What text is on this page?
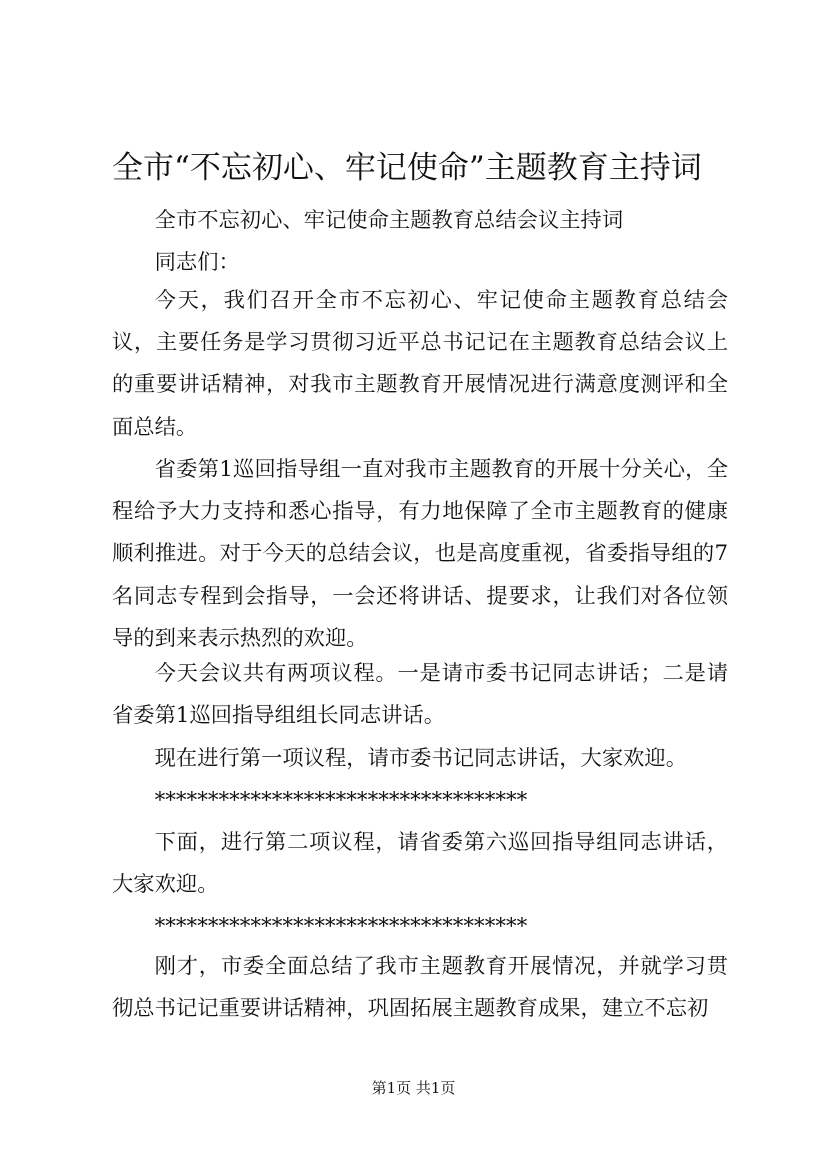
全市“不忘初心、牢记使命”主题教育主持词

全市不忘初心、牢记使命主题教育总结会议主持词

同志们：

今天，我们召开全市不忘初心、牢记使命主题教育总结会议，主要任务是学习贯彻习近平总书记记在主题教育总结会议上的重要讲话精神，对我市主题教育开展情况进行满意度测评和全面总结。

省委第1巡回指导组一直对我市主题教育的开展十分关心，全程给予大力支持和悉心指导，有力地保障了全市主题教育的健康顺利推进。对于今天的总结会议，也是高度重视，省委指导组的7名同志专程到会指导，一会还将讲话、提要求，让我们对各位领导的到来表示热烈的欢迎。

今天会议共有两项议程。一是请市委书记同志讲话；二是请省委第1巡回指导组组长同志讲话。

现在进行第一项议程，请市委书记同志讲话，大家欢迎。

***********************************

下面，进行第二项议程，请省委第六巡回指导组同志讲话，大家欢迎。

***********************************

刚才，市委全面总结了我市主题教育开展情况，并就学习贯彻总书记记重要讲话精神，巩固拓展主题教育成果，建立不忘初

第1页 共1页
